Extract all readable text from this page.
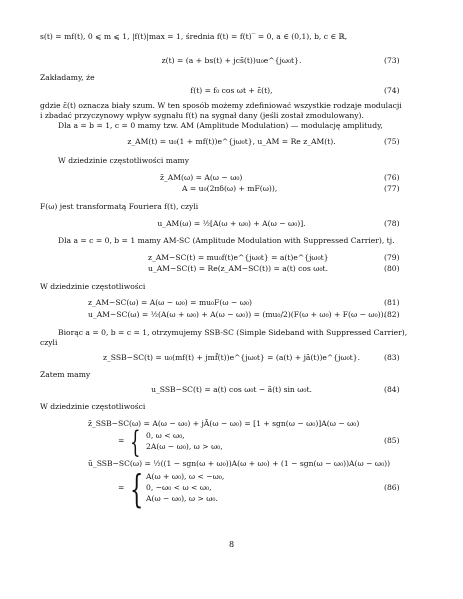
s(t) = mf(t), 0 ⩽ m ⩽ 1, |f(t)|max = 1, średnia f(t) = f(t)‾ = 0, a ∈ (0,1), b, c ∈ ℝ,
z(t) = (a + bs(t) + jcs̃(t))u₀e^{jω₀t}.	(73)
Zakładamy, że
f(t) = f₀ cos ωt + ε̃(t),	(74)
gdzie ε̃(t) oznacza biały szum. W ten sposób możemy zdefiniować wszystkie rodzaje modulacji
i zbadać przyczynowy wpływ sygnału f(t) na sygnał dany (jeśli został zmodulowany).
Dla a = b = 1, c = 0 mamy tzw. AM (Amplitude Modulation) — modulację amplitudy,
z_AM(t) = u₀(1 + mf(t))e^{jω₀t}, u_AM = Re z_AM(t).	(75)
W dziedzinie częstotliwości mamy
z̃_AM(ω) = A(ω − ω₀)	(76)
A = u₀(2πδ(ω) + mF(ω)),	(77)
F(ω) jest transformatą Fouriera f(t), czyli
u_AM(ω) = ½[A(ω + ω₀) + A(ω − ω₀)].	(78)
Dla a = c = 0, b = 1 mamy AM-SC (Amplitude Modulation with Suppressed Carrier), tj.
z_AM−SC(t) = mu₀f(t)e^{jω₀t} = a(t)e^{jω₀t}	(79)
u_AM−SC(t) = Re(z_AM−SC(t)) = a(t) cos ω₀t.	(80)
W dziedzinie częstotliwości
z_AM−SC(ω) = A(ω − ω₀) = mu₀F(ω − ω₀)	(81)
u_AM−SC(ω) = ½(A(ω + ω₀) + A(ω − ω₀)) = (mu₀/2)(F(ω + ω₀) + F(ω − ω₀)).
(82)
Biorąc a = 0, b = c = 1, otrzymujemy SSB-SC (Simple Sideband with Suppressed Carrier),
czyli
z_SSB−SC(t) = u₀(mf(t) + jmf̃(t))e^{jω₀t} = (a(t) + jã(t))e^{jω₀t}.	(83)
Zatem mamy
u_SSB−SC(t) = a(t) cos ω₀t − ã(t) sin ω₀t.	(84)
W dziedzinie częstotliwości
z̃_SSB−SC(ω) = A(ω − ω₀) + jÃ(ω − ω₀) = [1 + sgn(ω − ω₀)]A(ω − ω₀)
= { 0, ω < ω₀,
2A(ω − ω₀), ω > ω₀,
(85)
ũ_SSB−SC(ω) = ½((1 − sgn(ω + ω₀))A(ω + ω₀) + (1 − sgn(ω − ω₀))A(ω − ω₀))
= { A(ω + ω₀), ω < −ω₀,
0, −ω₀ < ω < ω₀,
A(ω − ω₀), ω > ω₀.
(86)
8
